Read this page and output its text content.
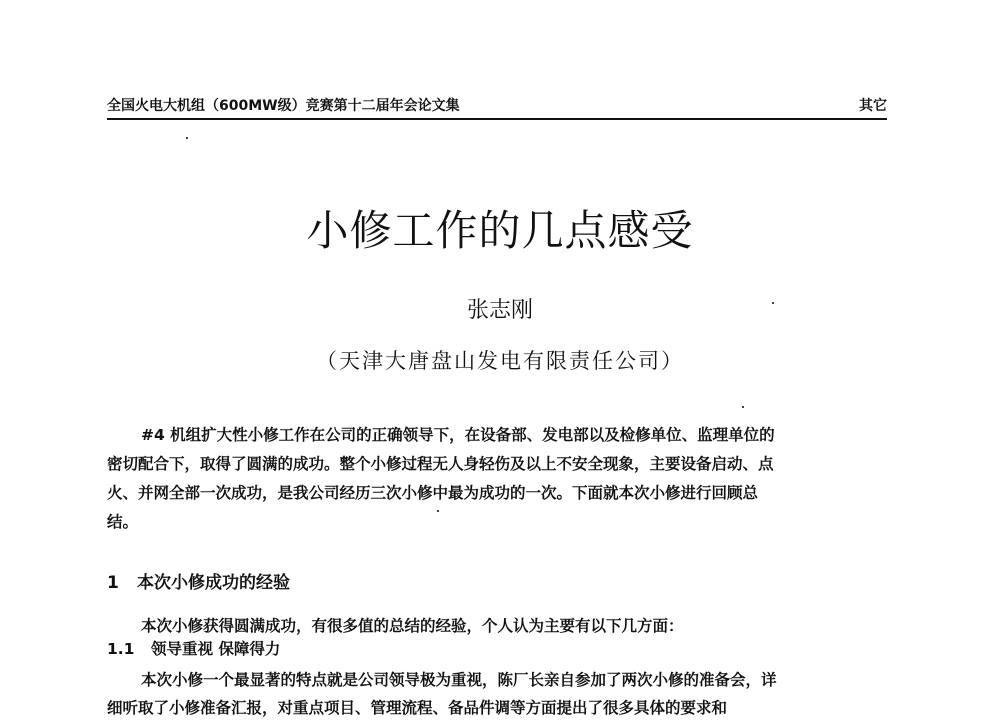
全国火电大机组（600MW级）竞赛第十二届年会论文集	其它
小修工作的几点感受
张志刚
（天津大唐盘山发电有限责任公司）
#4 机组扩大性小修工作在公司的正确领导下，在设备部、发电部以及检修单位、监理单位的
密切配合下，取得了圆满的成功。整个小修过程无人身轻伤及以上不安全现象，主要设备启动、点
火、并网全部一次成功，是我公司经历三次小修中最为成功的一次。下面就本次小修进行回顾总
结。
1 本次小修成功的经验
本次小修获得圆满成功，有很多值的总结的经验，个人认为主要有以下几方面：
1.1 领导重视 保障得力
本次小修一个最显著的特点就是公司领导极为重视，陈厂长亲自参加了两次小修的准备会，详
细听取了小修准备汇报，对重点项目、管理流程、备品件调等方面提出了很多具体的要求和
